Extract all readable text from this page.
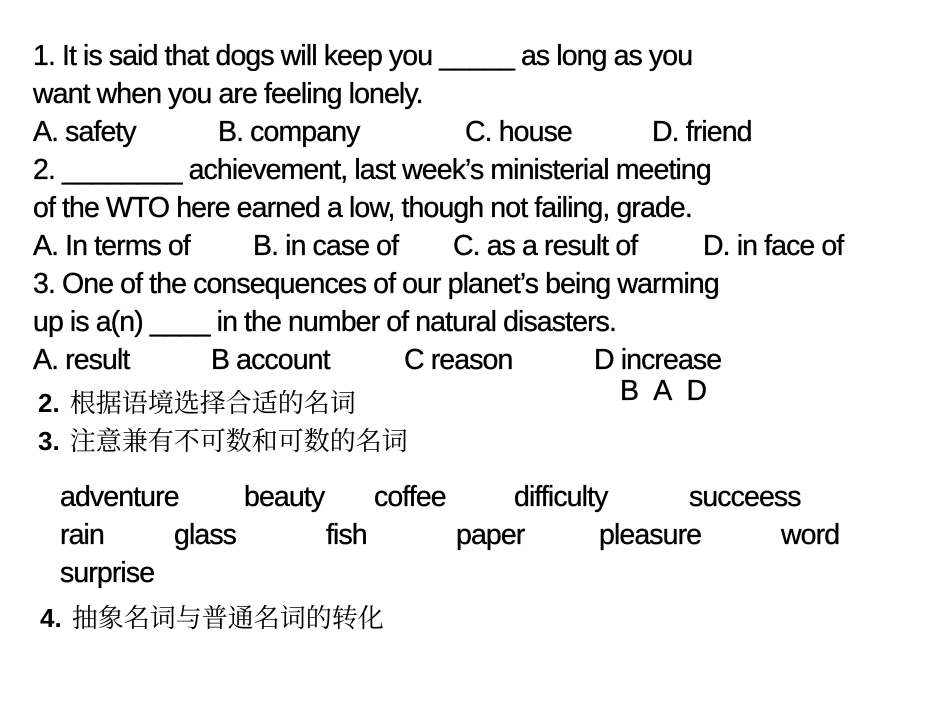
1. It is said that dogs will keep you _____ as long as you
want when you are feeling lonely.
A. safety	B. company	C. house	D. friend
2. ________ achievement, last week’s ministerial meeting
of the WTO here earned a low, though not failing, grade.
A. In terms of B. in case of C. as a result of D. in face of
3. One of the consequences of our planet’s being warming
up is a(n) ____ in the number of natural disasters.
A. result	B account	C reason	D increase
B  A  D
2. 根据语境选择合适的名词
3. 注意兼有不可数和可数的名词
adventure beauty coffee difficulty	succeess
rain glass	fish	paper	pleasure	word
surprise
4. 抽象名词与普通名词的转化
